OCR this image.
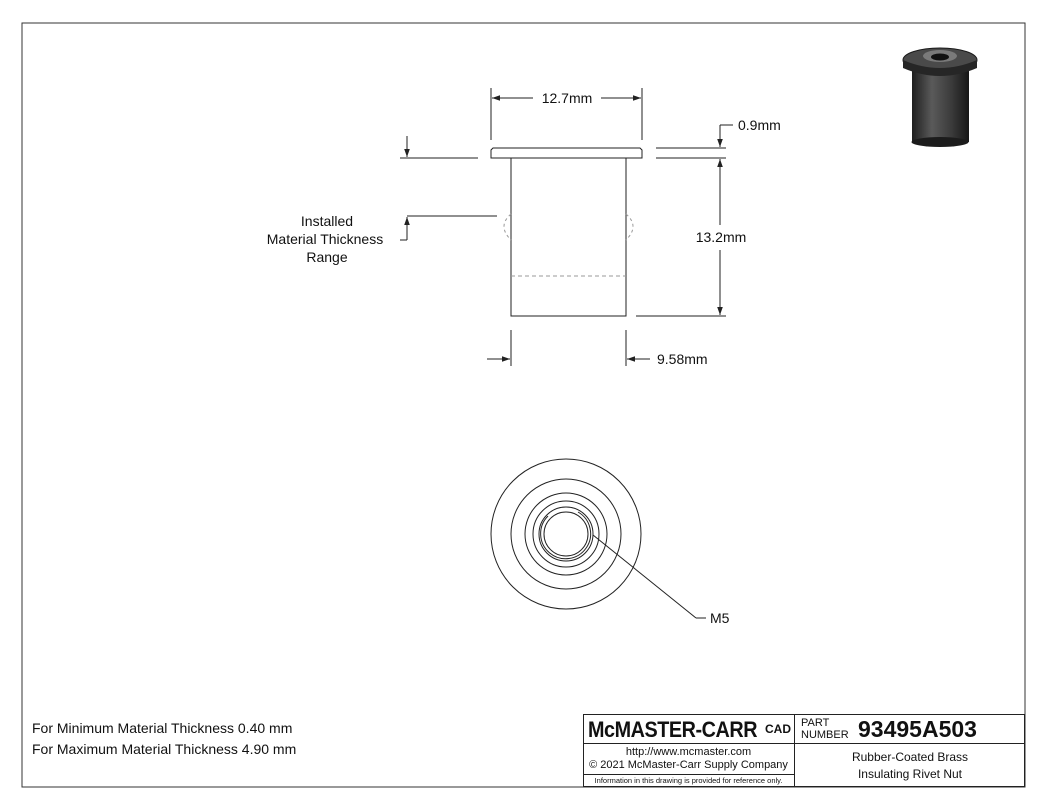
12.7mm
0.9mm
13.2mm
9.58mm
Installed
Material Thickness
Range
M5
For Minimum Material Thickness 0.40 mm
For Maximum Material Thickness 4.90 mm
McMASTER-CARR CAD PART
NUMBER 93495A503
http://www.mcmaster.com
© 2021 McMaster-Carr Supply Company
Information in this drawing is provided for reference only.
Rubber-Coated Brass
Insulating Rivet Nut
